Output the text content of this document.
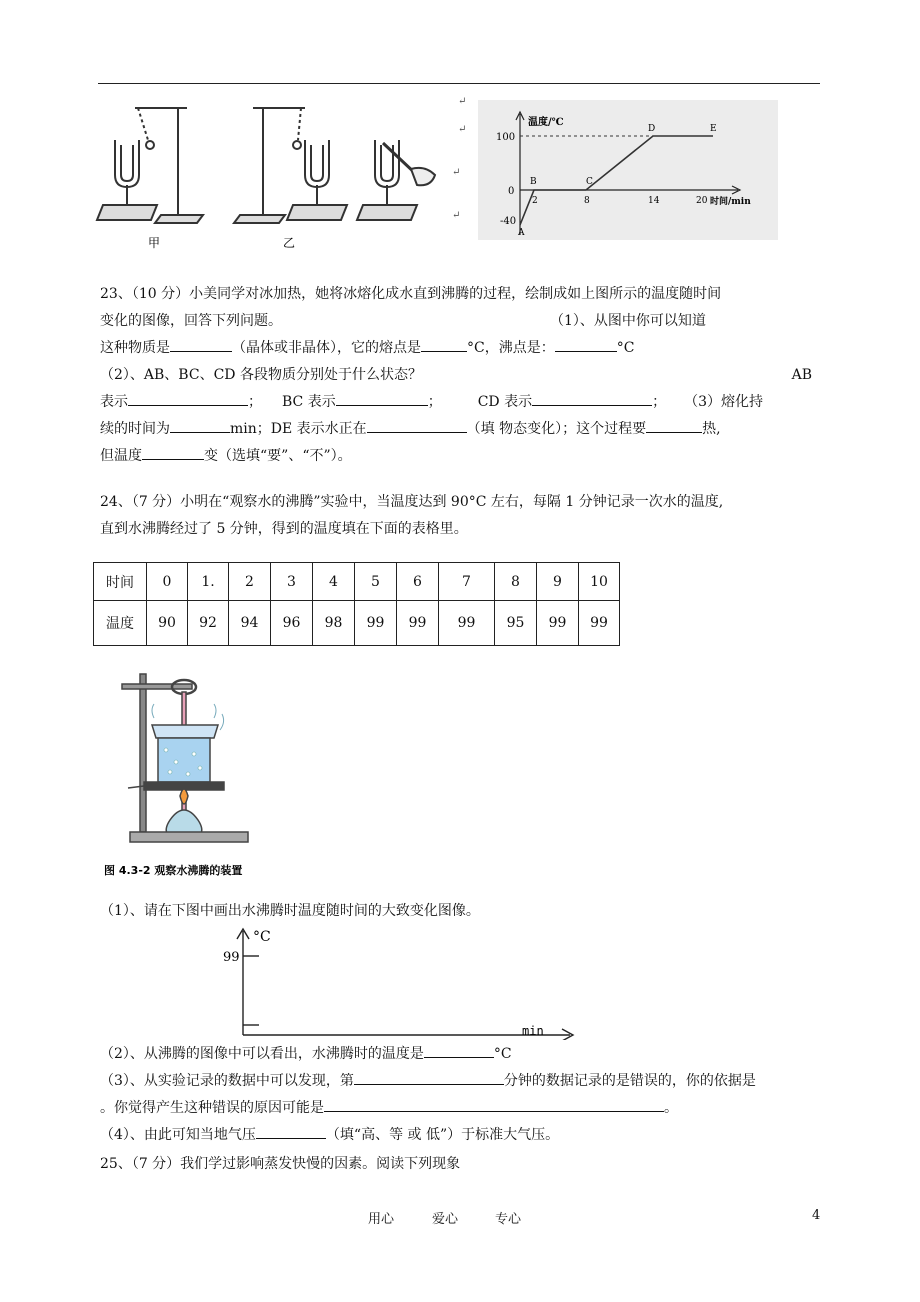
甲	乙
↵
↵
↵
↵
温度/℃
100
0
-40
2	8	14	20 时间/min
A
B	C
D	E
23、（10 分）小美同学对冰加热，她将冰熔化成水直到沸腾的过程，绘制成如上图所示的温度随时间
变化的图像，回答下列问题。	（1）、从图中你可以知道
这种物质是	（晶体或非晶体），它的熔点是	°C，沸点是：	°C
（2）、AB、BC、CD 各段物质分别处于什么状态？	AB
表示	； BC 表示	；	CD 表示	； （3）熔化持
续的时间为	min；DE 表示水正在	（填 物态变化）；这个过程要	热,
但温度	变（选填“要”、“不”）。
24、（7 分）小明在“观察水的沸腾”实验中，当温度达到 90°C 左右，每隔 1 分钟记录一次水的温度,
直到水沸腾经过了 5 分钟，得到的温度填在下面的表格里。
时间	0	1.	2	3	4	5	6	7	8	9	10
温度	90	92	94	96	98	99	99	99	95	99	99
图 4.3-2 观察水沸腾的装置
（1）、请在下图中画出水沸腾时温度随时间的大致变化图像。
°C
99
min
（2）、从沸腾的图像中可以看出，水沸腾时的温度是	°C
（3）、从实验记录的数据中可以发现，第	分钟的数据记录的是错误的，你的依据是
。你觉得产生这种错误的原因可能是	。
（4）、由此可知当地气压	（填“高、等 或 低”）于标准大气压。
25、（7 分）我们学过影响蒸发快慢的因素。阅读下列现象
用心	爱心	专心	4
